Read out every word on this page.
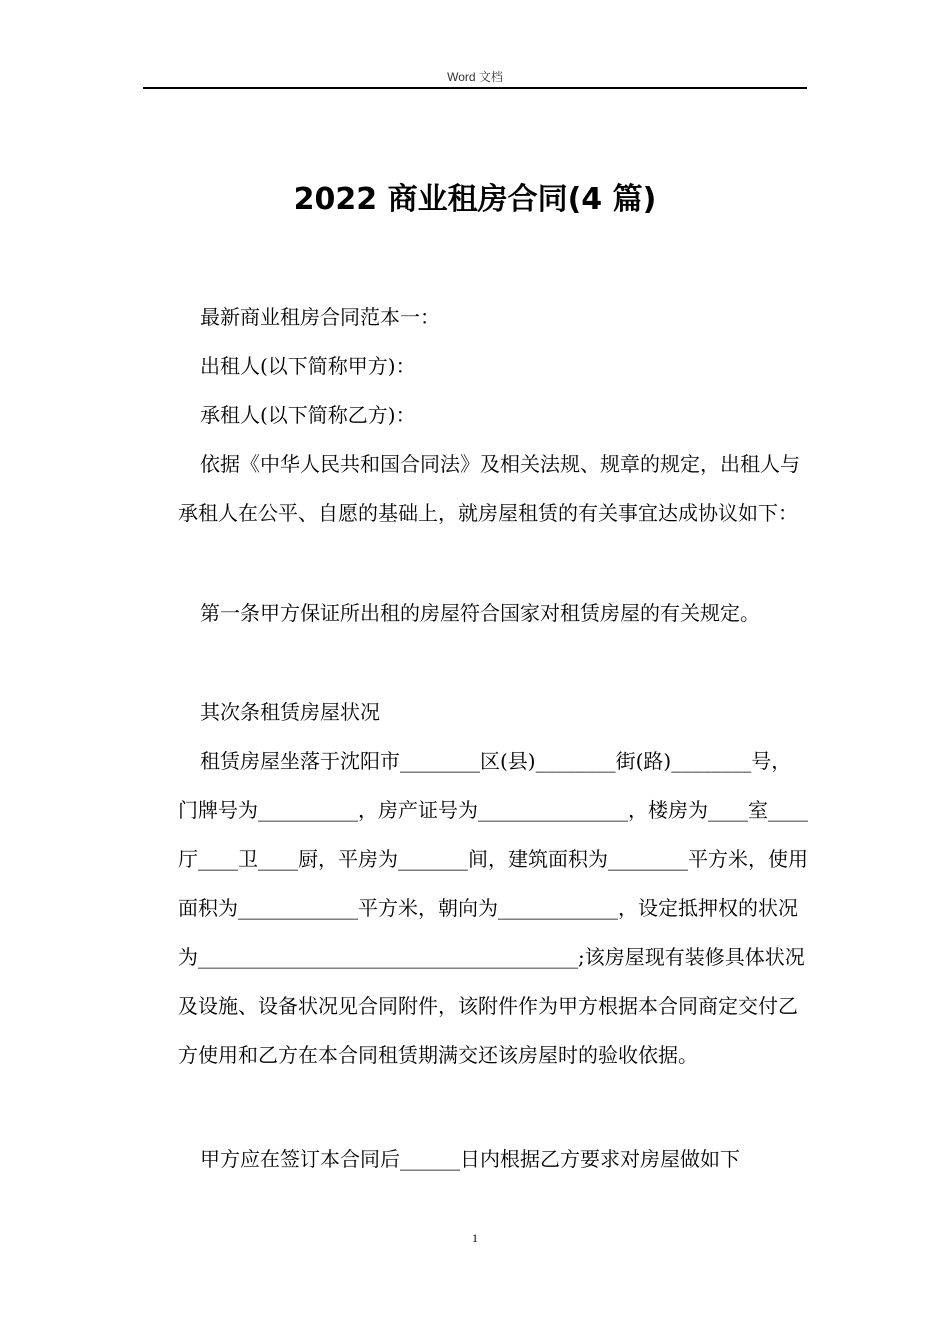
Word 文档
2022 商业租房合同(4 篇)

最新商业租房合同范本一：

出租人(以下简称甲方)：

承租人(以下简称乙方)：

依据《中华人民共和国合同法》及相关法规、规章的规定，出租人与承租人在公平、自愿的基础上，就房屋租赁的有关事宜达成协议如下：

第一条甲方保证所出租的房屋符合国家对租赁房屋的有关规定。

其次条租赁房屋状况

租赁房屋坐落于沈阳市________区(县)________街(路)________号，门牌号为__________，房产证号为_______________，楼房为____室____厅____卫____厨，平房为_______间，建筑面积为________平方米，使用面积为____________平方米，朝向为____________，设定抵押权的状况为______________________________________;该房屋现有装修具体状况及设施、设备状况见合同附件，该附件作为甲方根据本合同商定交付乙方使用和乙方在本合同租赁期满交还该房屋时的验收依据。

甲方应在签订本合同后______日内根据乙方要求对房屋做如下

1
